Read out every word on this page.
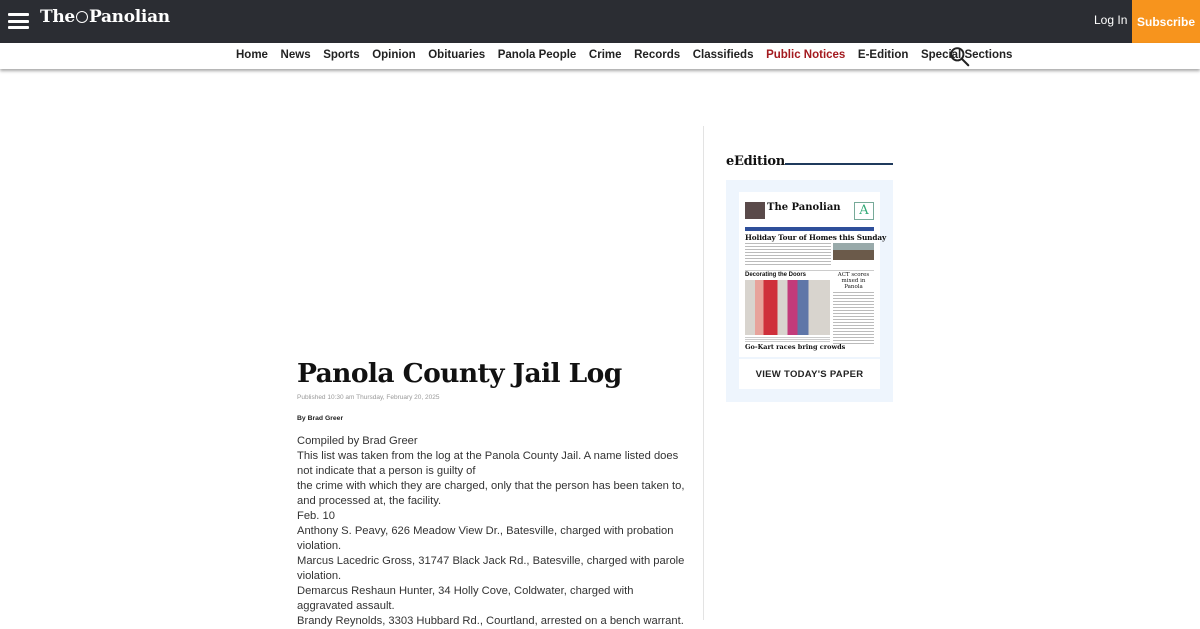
The Panolian	Log In Subscribe
Home News Sports Opinion Obituaries Panola People Crime Records Classifieds Public Notices E-Edition Special Sections
Panola County Jail Log
Published 10:30 am Thursday, February 20, 2025
By Brad Greer

Compiled by Brad Greer

This list was taken from the log at the Panola County Jail. A name listed does not indicate that a person is guilty of

the crime with which they are charged, only that the person has been taken to, and processed at, the facility.

Feb. 10

Anthony S. Peavy, 626 Meadow View Dr., Batesville, charged with probation violation.

Marcus Lacedric Gross, 31747 Black Jack Rd., Batesville, charged with parole violation.

Demarcus Reshaun Hunter, 34 Holly Cove, Coldwater, charged with aggravated assault.

Brandy Reynolds, 3303 Hubbard Rd., Courtland, arrested on a bench warrant.

eEdition
The Panolian	A
Holiday Tour of Homes this Sunday
Decorating the Doors	ACT scores mixed in Panola
Go-Kart races bring crowds
VIEW TODAY'S PAPER
